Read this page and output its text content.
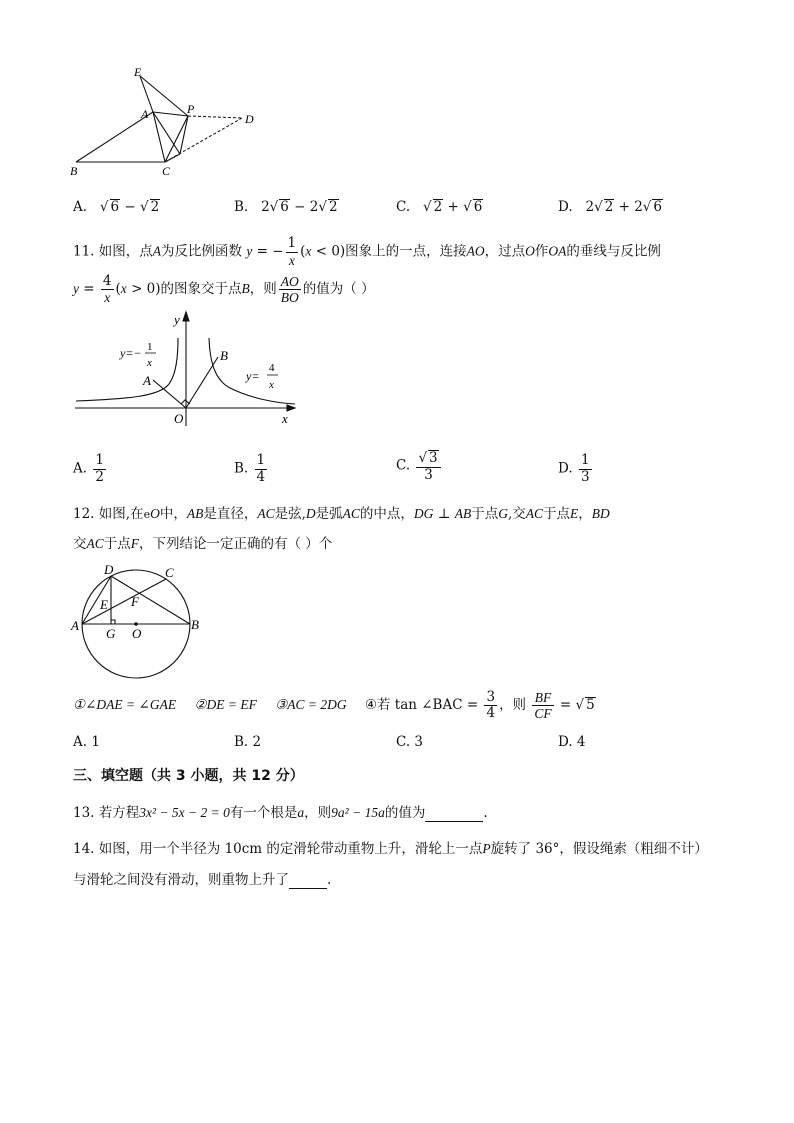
E
A	P
D
B	C
A.   √ 6 − √ 2	B.   2√ 6 − 2√ 2	C.   √ 2 + √ 6	D.   2√ 2 + 2√ 6
11. 如图，点A为反比例函数 y = − $\frac{1}{x} (x < 0)$图象上的一点，连接AO，过点O作OA的垂线与反比例
$y = \frac{4}{x} (x > 0)$的图象交于点B，则 $\frac{AO}{BO}$ 的值为（ ）
y
x
O
A
B
y=− 1
x
y=
4
x
A. $\frac{1}{2}$	B. $\frac{1}{4}$	C. $\frac{√ 3}{3}$	D. $\frac{1}{3}$
12. 如图,在eO中，AB是直径，AC是弦,D是弧AC的中点，DG ⊥ AB于点G,交AC于点E，BD
交AC于点F，下列结论一定正确的有（ ）个
D	C
E F
A
G O
B
①∠DAE = ∠GAE ②DE = EF ③AC = 2DG ④若 tan ∠BAC = $\frac{3}{4}$ ，则 $\frac{BF}{CF}$ = √ 5
A. 1	B. 2	C. 3	D. 4
三、填空题（共 3 小题，共 12 分）
13. 若方程3x² − 5x − 2 = 0有一个根是a，则9a² − 15a的值为	.
14. 如图，用一个半径为 10cm 的定滑轮带动重物上升，滑轮上一点P旋转了 36°，假设绳索（粗细不计）
与滑轮之间没有滑动，则重物上升了	.
